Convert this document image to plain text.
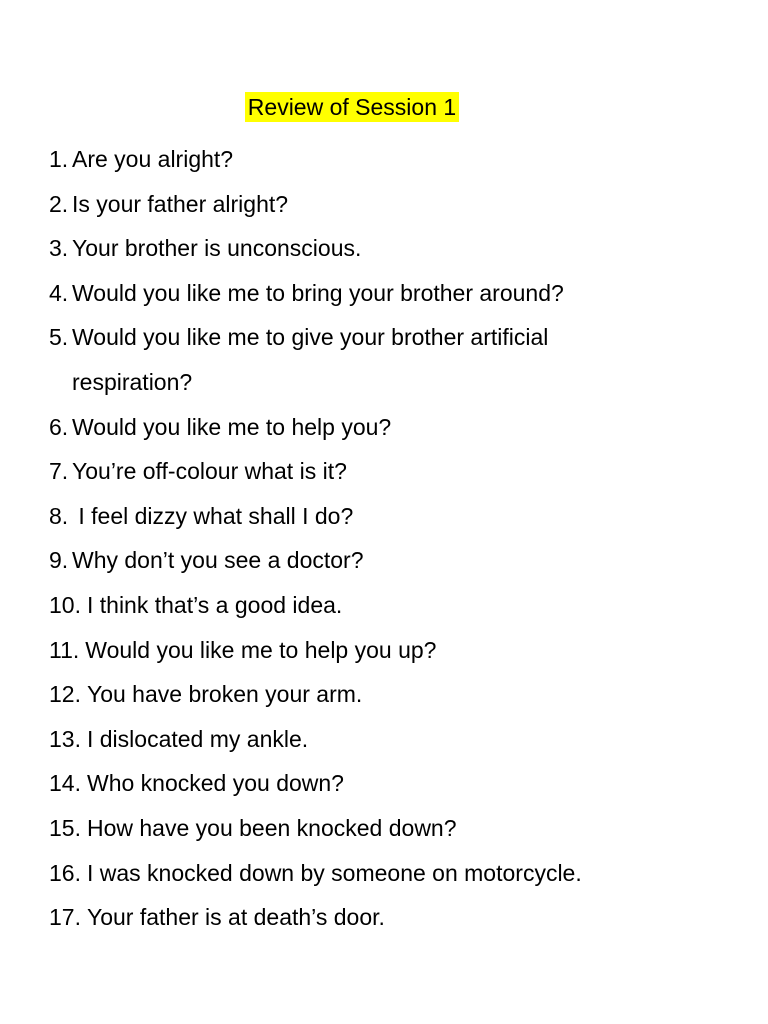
Review of Session 1
1. Are you alright?
2. Is your father alright?
3. Your brother is unconscious.
4. Would you like me to bring your brother around?
5. Would you like me to give your brother artificial respiration?
6. Would you like me to help you?
7. You’re off-colour what is it?
8. I feel dizzy what shall I do?
9. Why don’t you see a doctor?
10. I think that’s a good idea.
11. Would you like me to help you up?
12. You have broken your arm.
13. I dislocated my ankle.
14. Who knocked you down?
15. How have you been knocked down?
16. I was knocked down by someone on motorcycle.
17. Your father is at death’s door.
